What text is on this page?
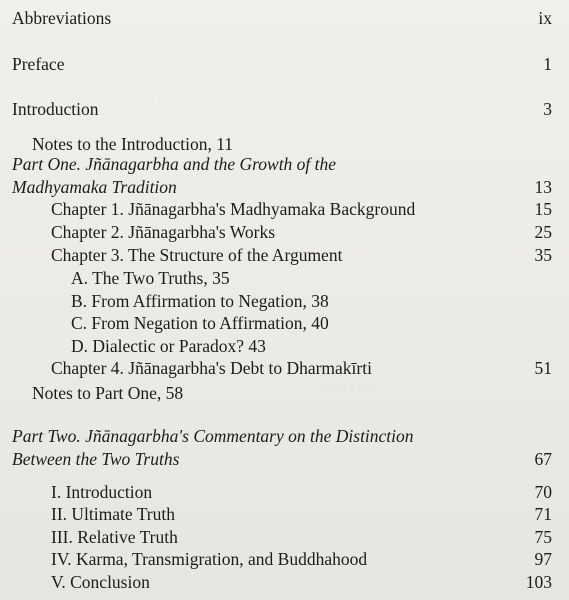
· · · · · · ·
· · · · · · · ·
· · · · · ·
· · · · · · · ·
Abbreviations	ix
Preface	1
Introduction	3
Notes to the Introduction, 11
Part One. Jñānagarbha and the Growth of the
Madhyamaka Tradition	13
Chapter 1. Jñānagarbha's Madhyamaka Background	15
Chapter 2. Jñānagarbha's Works	25
Chapter 3. The Structure of the Argument	35
A. The Two Truths, 35
B. From Affirmation to Negation, 38
C. From Negation to Affirmation, 40
D. Dialectic or Paradox? 43
Chapter 4. Jñānagarbha's Debt to Dharmakīrti	51
Notes to Part One, 58
Part Two. Jñānagarbha's Commentary on the Distinction
Between the Two Truths	67
I. Introduction	70
II. Ultimate Truth	71
III. Relative Truth	75
IV. Karma, Transmigration, and Buddhahood	97
V. Conclusion	103
